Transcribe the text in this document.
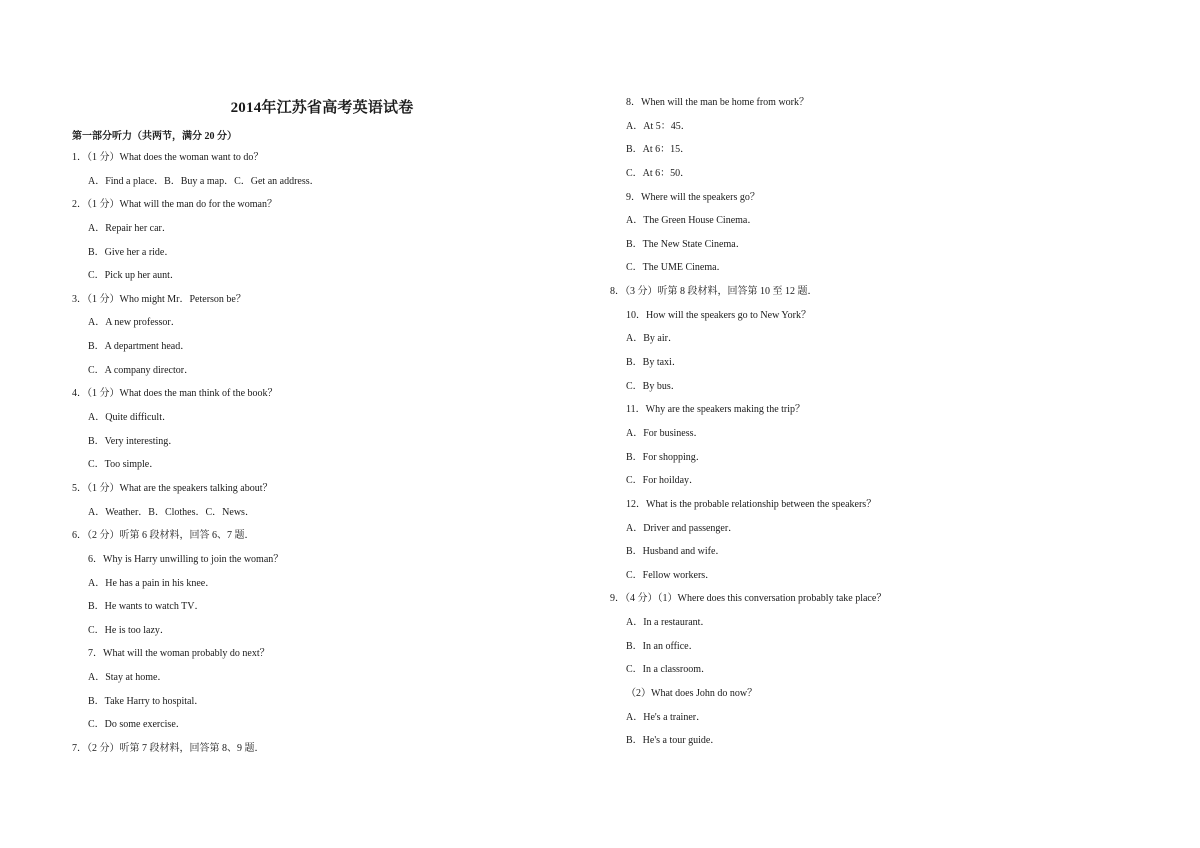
2014年江苏省高考英语试卷
第一部分听力（共两节，满分 20 分）
1．（1 分）What does the woman want to do？
A．Find a place．B．Buy a map．C．Get an address．
2．（1 分）What will the man do for the woman？
A．Repair her car．
B．Give her a ride．
C．Pick up her aunt．
3．（1 分）Who might Mr．Peterson be？
A．A new professor．
B．A department head．
C．A company director．
4．（1 分）What does the man think of the book？
A．Quite difficult．
B．Very interesting．
C．Too simple．
5．（1 分）What are the speakers talking about？
A．Weather．B．Clothes．C．News．
6．（2 分）听第 6 段材料，回答 6、7 题．
6．Why is Harry unwilling to join the woman？
A．He has a pain in his knee．
B．He wants to watch TV．
C．He is too lazy．
7．What will the woman probably do next？
A．Stay at home．
B．Take Harry to hospital．
C．Do some exercise．
7．（2 分）听第 7 段材料，回答第 8、9 题．
8．When will the man be home from work？
A．At 5：45．
B．At 6：15．
C．At 6：50．
9．Where will the speakers go？
A．The Green House Cinema．
B．The New State Cinema．
C．The UME Cinema．
8．（3 分）听第 8 段材料，回答第 10 至 12 题．
10．How will the speakers go to New York？
A．By air．
B．By taxi．
C．By bus．
11．Why are the speakers making the trip？
A．For business．
B．For shopping．
C．For hoilday．
12．What is the probable relationship between the speakers？
A．Driver and passenger．
B．Husband and wife．
C．Fellow workers．
9．（4 分）（1）Where does this conversation probably take place？
A．In a restaurant．
B．In an office．
C．In a classroom．
（2）What does John do now？
A．He's a trainer．
B．He's a tour guide．
